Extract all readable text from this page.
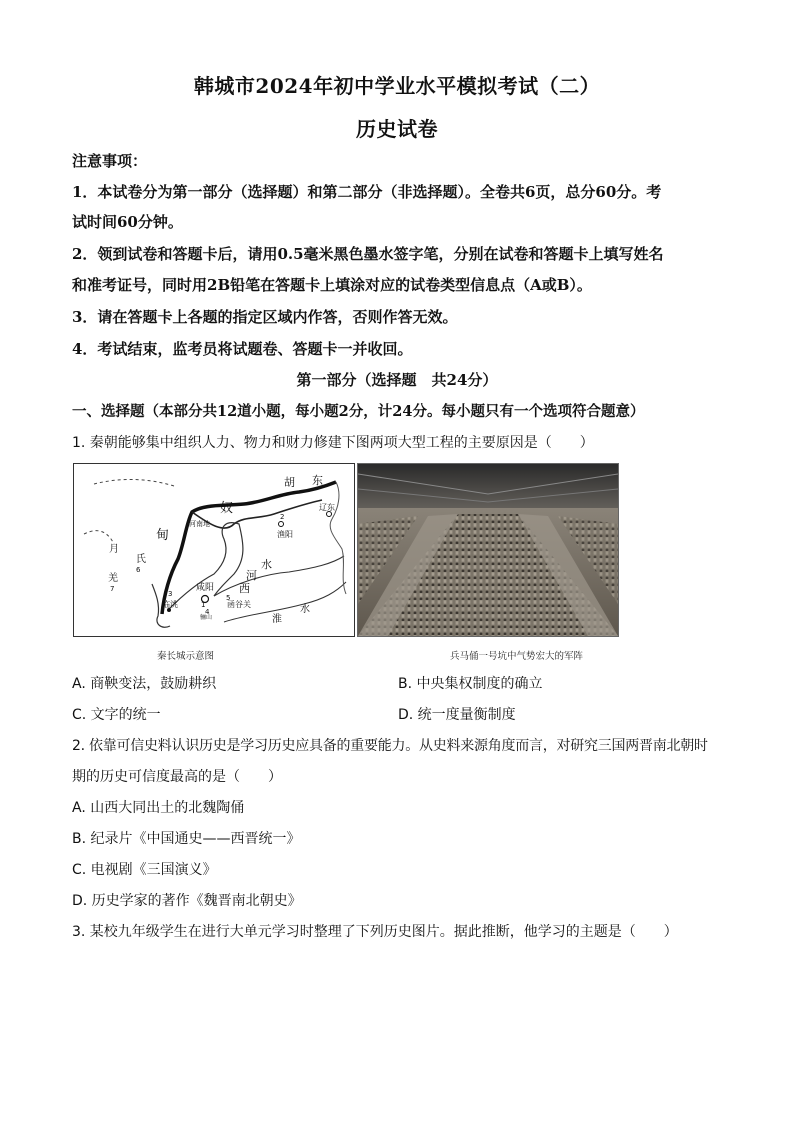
韩城市2024年初中学业水平模拟考试（二）
历史试卷
注意事项：
1．本试卷分为第一部分（选择题）和第二部分（非选择题）。全卷共6页，总分60分。考
试时间60分钟。
2．领到试卷和答题卡后，请用0.5毫米黑色墨水签字笔，分别在试卷和答题卡上填写姓名
和准考证号，同时用2B铅笔在答题卡上填涂对应的试卷类型信息点（A或B）。
3．请在答题卡上各题的指定区域内作答，否则作答无效。
4．考试结束，监考员将试题卷、答题卡一并收回。
第一部分（选择题　共24分）
一、选择题（本部分共12道小题，每小题2分，计24分。每小题只有一个选项符合题意）
1. 秦朝能够集中组织人力、物力和财力修建下图两项大型工程的主要原因是（　　）
胡 东
奴	辽东
渔阳
2
河南地
甸
月
氏
6
羌
7	咸阳
3
临洮	1
5
函谷关
骊山
4
河
水
西
淮
水
秦长城示意图	兵马俑一号坑中气势宏大的军阵
A. 商鞅变法，鼓励耕织	B. 中央集权制度的确立
C. 文字的统一	D. 统一度量衡制度
2. 依靠可信史料认识历史是学习历史应具备的重要能力。从史料来源角度而言，对研究三国两晋南北朝时
期的历史可信度最高的是（　　）
A. 山西大同出土的北魏陶俑
B. 纪录片《中国通史——西晋统一》
C. 电视剧《三国演义》
D. 历史学家的著作《魏晋南北朝史》
3. 某校九年级学生在进行大单元学习时整理了下列历史图片。据此推断，他学习的主题是（　　）
